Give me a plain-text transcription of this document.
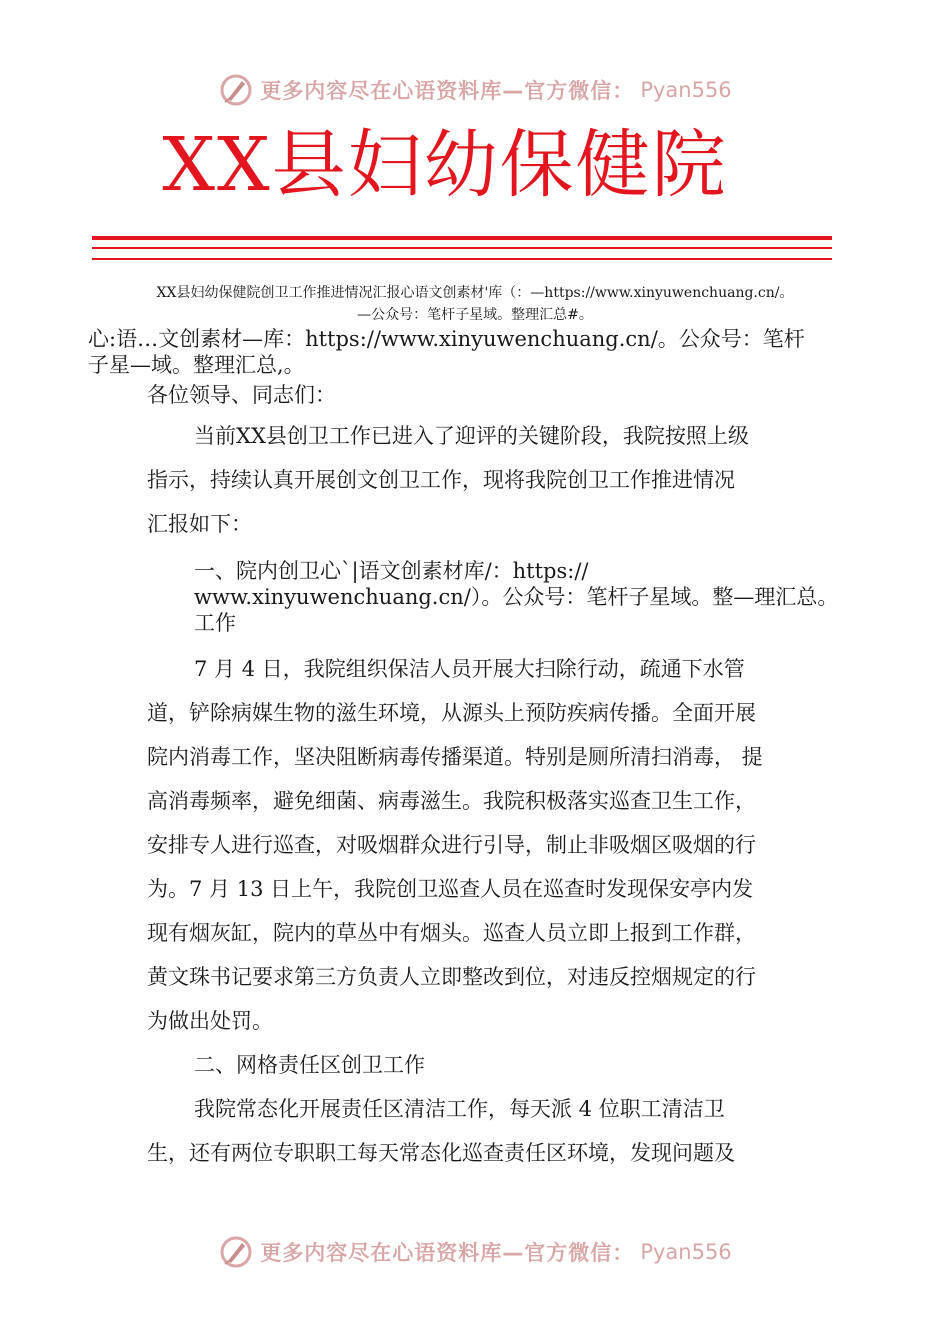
更多内容尽在心语资料库—官方微信： Pyan556
XX县妇幼保健院
XX县妇幼保健院创卫工作推进情况汇报心语文创素材'库（：—https://www.xinyuwenchuang.cn/。
—公众号：笔杆子星域。整理汇总#。
心:语…文创素材—库：https://www.xinyuwenchuang.cn/。公众号：笔杆
子星—域。整理汇总,。
各位领导、同志们：
当前XX县创卫工作已进入了迎评的关键阶段，我院按照上级
指示，持续认真开展创文创卫工作，现将我院创卫工作推进情况
汇报如下：
一、院内创卫心`|语文创素材库/：https://
www.xinyuwenchuang.cn/）。公众号：笔杆子星域。整—理汇总。
工作
7 月 4 日，我院组织保洁人员开展大扫除行动，疏通下水管
道，铲除病媒生物的滋生环境，从源头上预防疾病传播。全面开展
院内消毒工作，坚决阻断病毒传播渠道。特别是厕所清扫消毒， 提
高消毒频率，避免细菌、病毒滋生。我院积极落实巡查卫生工作，
安排专人进行巡查，对吸烟群众进行引导，制止非吸烟区吸烟的行
为。7 月 13 日上午，我院创卫巡查人员在巡查时发现保安亭内发
现有烟灰缸，院内的草丛中有烟头。巡查人员立即上报到工作群，
黄文珠书记要求第三方负责人立即整改到位，对违反控烟规定的行
为做出处罚。
二、网格责任区创卫工作
我院常态化开展责任区清洁工作，每天派 4 位职工清洁卫
生，还有两位专职职工每天常态化巡查责任区环境，发现问题及
更多内容尽在心语资料库—官方微信： Pyan556
